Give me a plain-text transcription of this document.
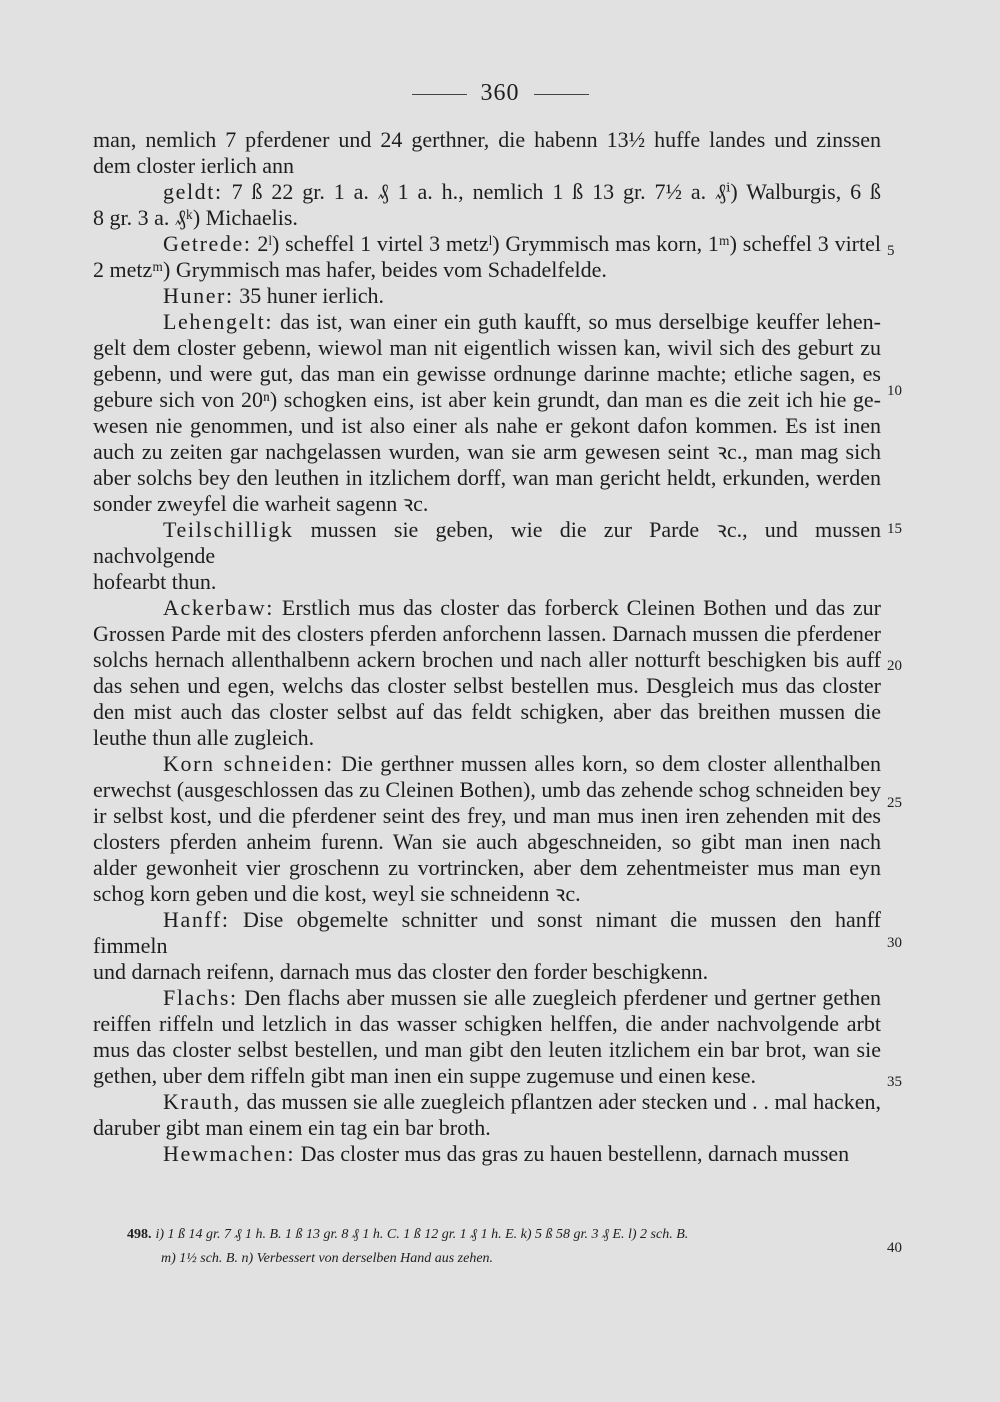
360
man, nemlich 7 pferdener und 24 gerthner, die habenn 13½ huffe landes und zinssen
dem closter ierlich ann
geldt: 7 ß 22 gr. 1 a. ₰ 1 a. h., nemlich 1 ß 13 gr. 7½ a. ₰ⁱ) Walburgis, 6 ß
8 gr. 3 a. ₰ᵏ) Michaelis.
Getrede: 2ˡ) scheffel 1 virtel 3 metzˡ) Grymmisch mas korn, 1ᵐ) scheffel 3 virtel
2 metzᵐ) Grymmisch mas hafer, beides vom Schadelfelde.
Huner: 35 huner ierlich.
Lehengelt: das ist, wan einer ein guth kaufft, so mus derselbige keuffer lehen-
gelt dem closter gebenn, wiewol man nit eigentlich wissen kan, wivil sich des geburt zu
gebenn, und were gut, das man ein gewisse ordnunge darinne machte; etliche sagen, es
gebure sich von 20ⁿ) schogken eins, ist aber kein grundt, dan man es die zeit ich hie ge-
wesen nie genommen, und ist also einer als nahe er gekont dafon kommen. Es ist inen
auch zu zeiten gar nachgelassen wurden, wan sie arm gewesen seint ꝛc., man mag sich
aber solchs bey den leuthen in itzlichem dorff, wan man gericht heldt, erkunden, werden
sonder zweyfel die warheit sagenn ꝛc.
Teilschilligk mussen sie geben, wie die zur Parde ꝛc., und mussen nachvolgende
hofearbt thun.
Ackerbaw: Erstlich mus das closter das forberck Cleinen Bothen und das zur
Grossen Parde mit des closters pferden anforchenn lassen. Darnach mussen die pferdener
solchs hernach allenthalbenn ackern brochen und nach aller notturft beschigken bis auff
das sehen und egen, welchs das closter selbst bestellen mus. Desgleich mus das closter
den mist auch das closter selbst auf das feldt schigken, aber das breithen mussen die
leuthe thun alle zugleich.
Korn schneiden: Die gerthner mussen alles korn, so dem closter allenthalben
erwechst (ausgeschlossen das zu Cleinen Bothen), umb das zehende schog schneiden bey
ir selbst kost, und die pferdener seint des frey, und man mus inen iren zehenden mit des
closters pferden anheim furenn. Wan sie auch abgeschneiden, so gibt man inen nach
alder gewonheit vier groschenn zu vortrincken, aber dem zehentmeister mus man eyn
schog korn geben und die kost, weyl sie schneidenn ꝛc.
Hanff: Dise obgemelte schnitter und sonst nimant die mussen den hanff fimmeln
und darnach reifenn, darnach mus das closter den forder beschigkenn.
Flachs: Den flachs aber mussen sie alle zuegleich pferdener und gertner gethen
reiffen riffeln und letzlich in das wasser schigken helffen, die ander nachvolgende arbt
mus das closter selbst bestellen, und man gibt den leuten itzlichem ein bar brot, wan sie
gethen, uber dem riffeln gibt man inen ein suppe zugemuse und einen kese.
Krauth, das mussen sie alle zuegleich pflantzen ader stecken und . . mal hacken,
daruber gibt man einem ein tag ein bar broth.
Hewmachen: Das closter mus das gras zu hauen bestellenn, darnach mussen
5
10
15
20
25
30
35
40
498. i) 1 ß 14 gr. 7 ₰ 1 h. B. 1 ß 13 gr. 8 ₰ 1 h. C. 1 ß 12 gr. 1 ₰ 1 h. E. k) 5 ß 58 gr. 3 ₰ E. l) 2 sch. B.
m) 1½ sch. B. n) Verbessert von derselben Hand aus zehen.
